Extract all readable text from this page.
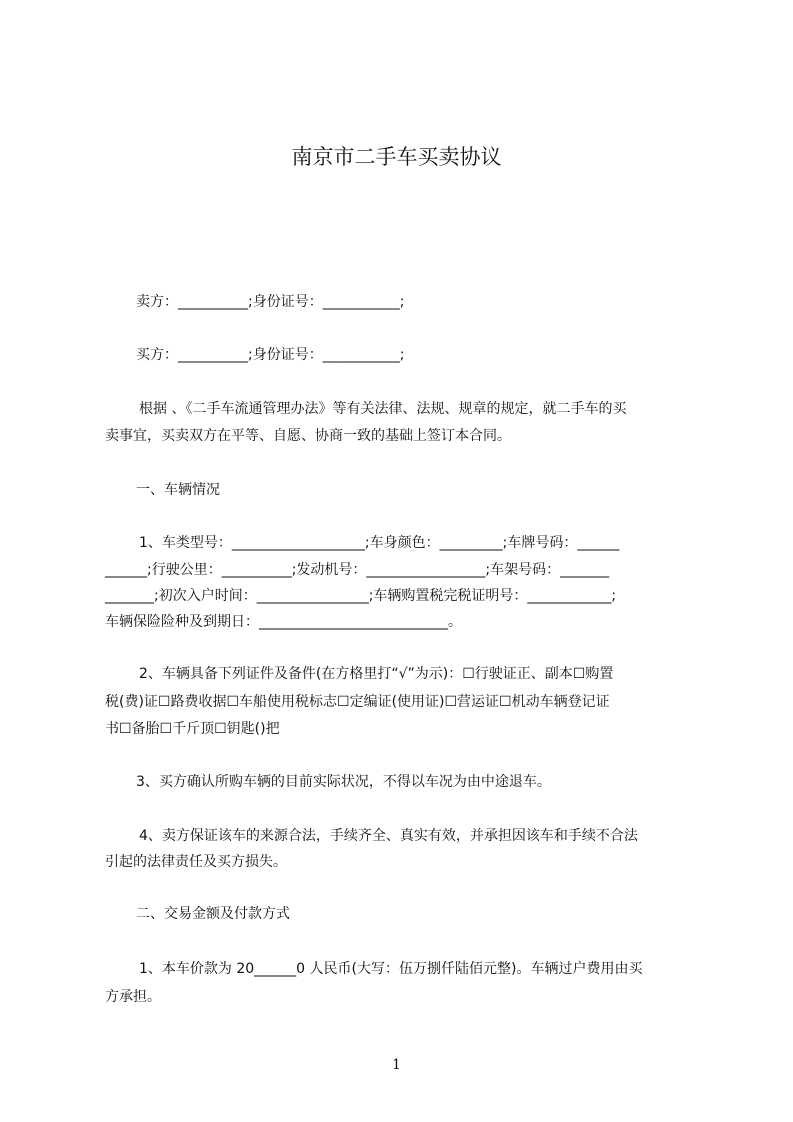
南京市二手车买卖协议

卖方：__________;身份证号：___________;

买方：__________;身份证号：___________;

根据 、《二手车流通管理办法》等有关法律、法规、规章的规定，就二手车的买

卖事宜，买卖双方在平等、自愿、协商一致的基础上签订本合同。

一、车辆情况

1、车类型号：___________________;车身颜色：_________;车牌号码：______

______;行驶公里：__________;发动机号：_________________;车架号码：_______

_______;初次入户时间：________________;车辆购置税完税证明号：____________;

车辆保险险种及到期日：___________________________。

2、车辆具备下列证件及备件(在方格里打“√”为示)：☐行驶证正、副本☐购置

税(费)证☐路费收据☐车船使用税标志☐定编证(使用证)☐营运证☐机动车辆登记证

书☐备胎☐千斤顶☐钥匙()把

3、买方确认所购车辆的目前实际状况，不得以车况为由中途退车。

4、卖方保证该车的来源合法，手续齐全、真实有效，并承担因该车和手续不合法

引起的法律责任及买方损失。

二、交易金额及付款方式

1、本车价款为 20______0 人民币(大写：伍万捌仟陆佰元整)。车辆过户费用由买

方承担。

1
